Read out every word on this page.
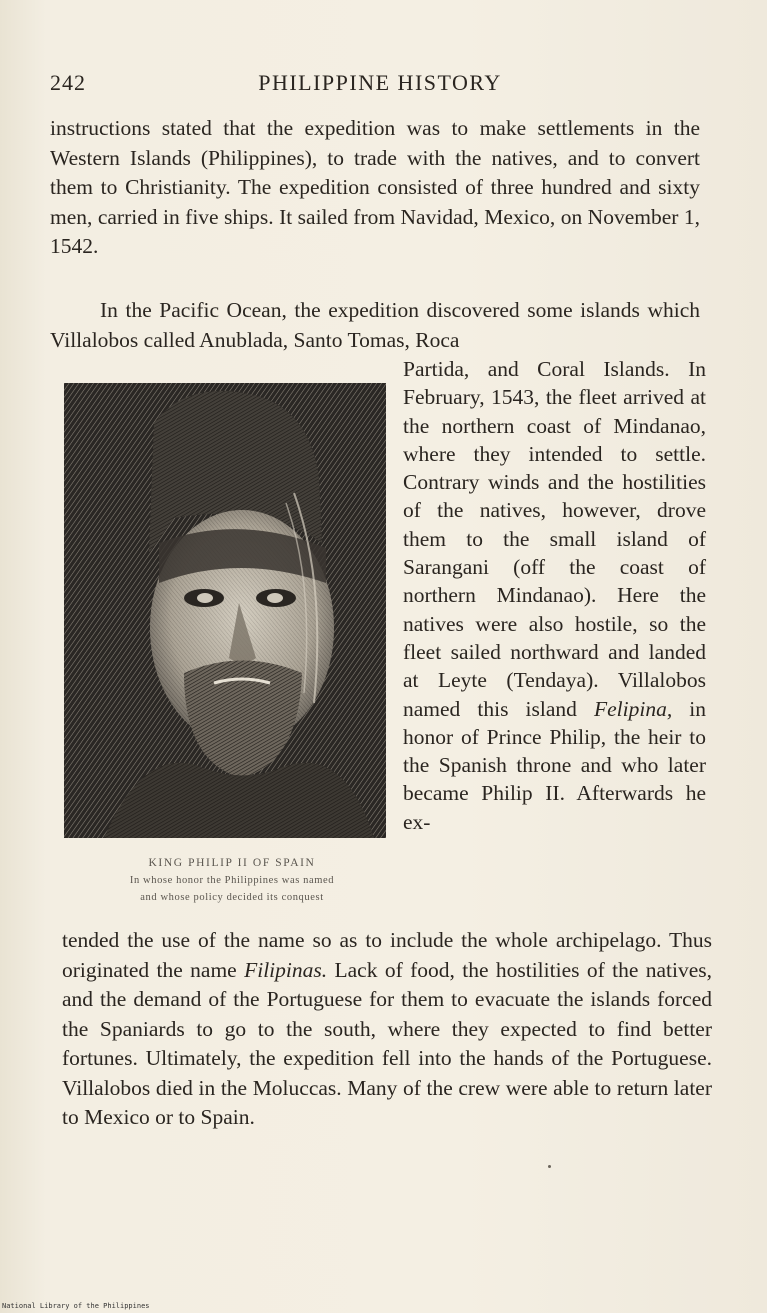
242	PHILIPPINE HISTORY

instructions stated that the expedition was to make settlements in the Western Islands (Philippines), to trade with the natives, and to convert them to Christianity. The expedition consisted of three hundred and sixty men, carried in five ships. It sailed from Navidad, Mexico, on November 1, 1542.

In the Pacific Ocean, the expedition discovered some islands which Villalobos called Anublada, Santo Tomas, Roca

KING PHILIP II OF SPAIN
In whose honor the Philippines was named
and whose policy decided its conquest

Partida, and Coral Islands. In February, 1543, the fleet arrived at the northern coast of Mindanao, where they intended to settle. Contrary winds and the hostilities of the natives, however, drove them to the small island of Sarangani (off the coast of northern Mindanao). Here the natives were also hostile, so the fleet sailed northward and landed at Leyte (Tendaya). Villalobos named this island Felipina, in honor of Prince Philip, the heir to the Spanish throne and who later became Philip II. Afterwards he ex-

tended the use of the name so as to include the whole archipelago. Thus originated the name Filipinas. Lack of food, the hostilities of the natives, and the demand of the Portuguese for them to evacuate the islands forced the Spaniards to go to the south, where they expected to find better fortunes. Ultimately, the expedition fell into the hands of the Portuguese. Villalobos died in the Moluccas. Many of the crew were able to return later to Mexico or to Spain.

National Library of the Philippines
